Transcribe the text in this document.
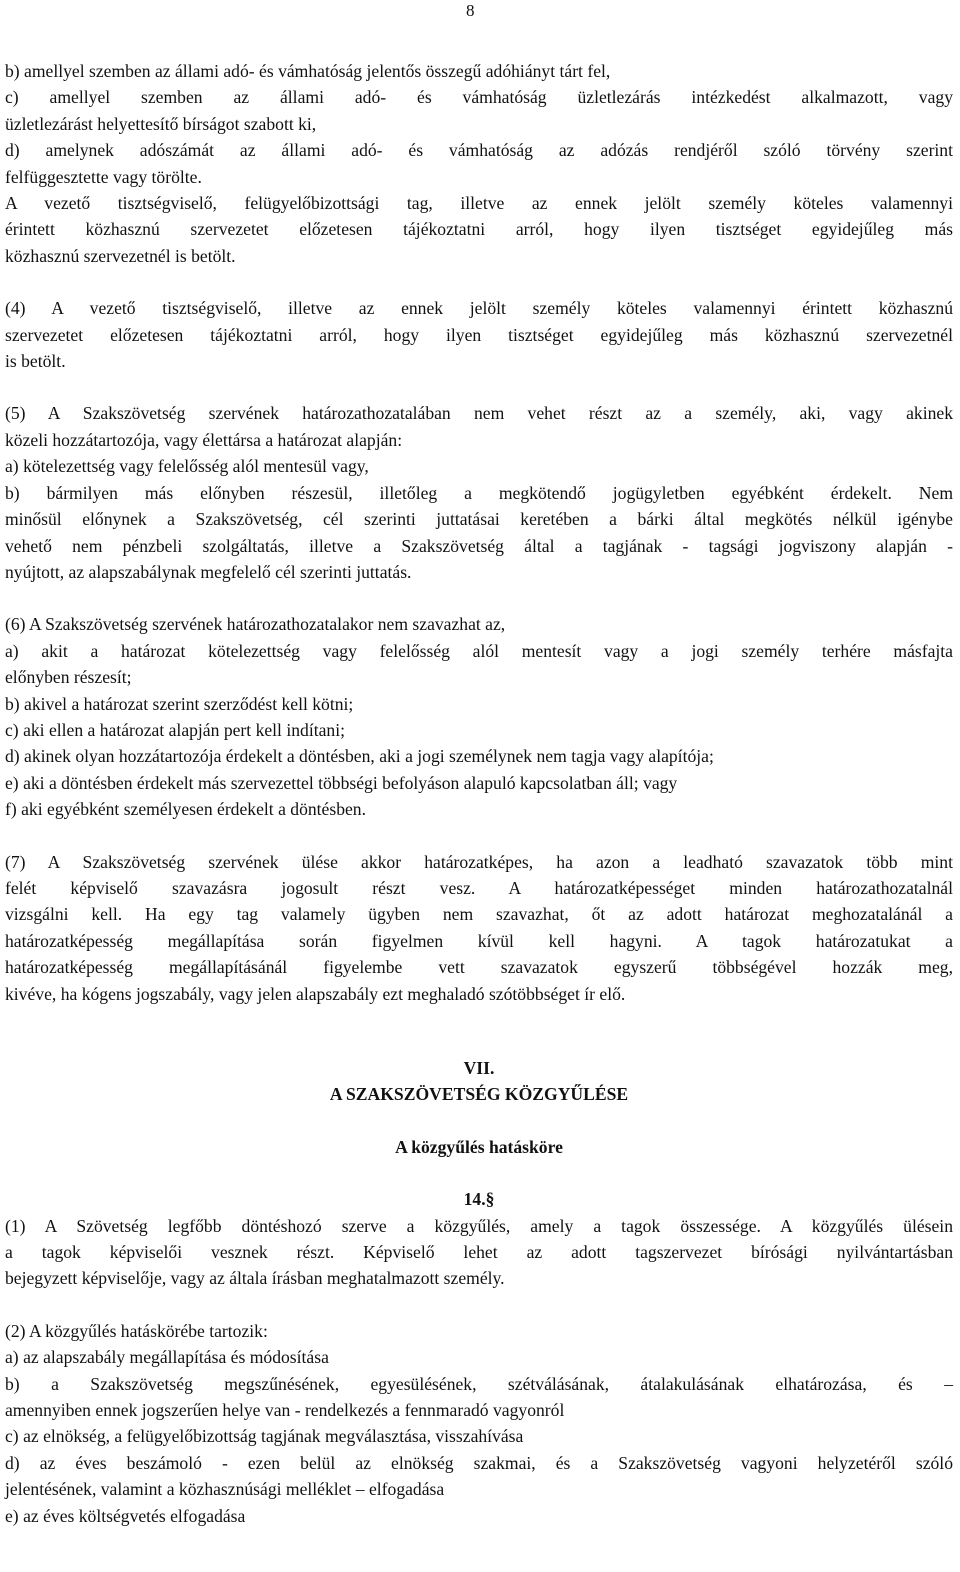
8
b) amellyel szemben az állami adó- és vámhatóság jelentős összegű adóhiányt tárt fel,
c) amellyel szemben az állami adó- és vámhatóság üzletlezárás intézkedést alkalmazott, vagy
üzletlezárást helyettesítő bírságot szabott ki,
d) amelynek adószámát az állami adó- és vámhatóság az adózás rendjéről szóló törvény szerint
felfüggesztette vagy törölte.
A vezető tisztségviselő, felügyelőbizottsági tag, illetve az ennek jelölt személy köteles valamennyi
érintett közhasznú szervezetet előzetesen tájékoztatni arról, hogy ilyen tisztséget egyidejűleg más
közhasznú szervezetnél is betölt.
(4) A vezető tisztségviselő, illetve az ennek jelölt személy köteles valamennyi érintett közhasznú
szervezetet előzetesen tájékoztatni arról, hogy ilyen tisztséget egyidejűleg más közhasznú szervezetnél
is betölt.
(5) A Szakszövetség szervének határozathozatalában nem vehet részt az a személy, aki, vagy akinek
közeli hozzátartozója, vagy élettársa a határozat alapján:
a) kötelezettség vagy felelősség alól mentesül vagy,
b) bármilyen más előnyben részesül, illetőleg a megkötendő jogügyletben egyébként érdekelt. Nem
minősül előnynek a Szakszövetség, cél szerinti juttatásai keretében a bárki által megkötés nélkül igénybe
vehető nem pénzbeli szolgáltatás, illetve a Szakszövetség által a tagjának - tagsági jogviszony alapján -
nyújtott, az alapszabálynak megfelelő cél szerinti juttatás.
(6) A Szakszövetség szervének határozathozatalakor nem szavazhat az,
a) akit a határozat kötelezettség vagy felelősség alól mentesít vagy a jogi személy terhére másfajta
előnyben részesít;
b) akivel a határozat szerint szerződést kell kötni;
c) aki ellen a határozat alapján pert kell indítani;
d) akinek olyan hozzátartozója érdekelt a döntésben, aki a jogi személynek nem tagja vagy alapítója;
e) aki a döntésben érdekelt más szervezettel többségi befolyáson alapuló kapcsolatban áll; vagy
f) aki egyébként személyesen érdekelt a döntésben.
(7) A Szakszövetség szervének ülése akkor határozatképes, ha azon a leadható szavazatok több mint
felét képviselő szavazásra jogosult részt vesz. A határozatképességet minden határozathozatalnál
vizsgálni kell. Ha egy tag valamely ügyben nem szavazhat, őt az adott határozat meghozatalánál a
határozatképesség megállapítása során figyelmen kívül kell hagyni. A tagok határozatukat a
határozatképesség megállapításánál figyelembe vett szavazatok egyszerű többségével hozzák meg,
kivéve, ha kógens jogszabály, vagy jelen alapszabály ezt meghaladó szótöbbséget ír elő.
VII.
A SZAKSZÖVETSÉG KÖZGYŰLÉSE
A közgyűlés hatásköre
14.§
(1) A Szövetség legfőbb döntéshozó szerve a közgyűlés, amely a tagok összessége. A közgyűlés ülésein
a tagok képviselői vesznek részt. Képviselő lehet az adott tagszervezet bírósági nyilvántartásban
bejegyzett képviselője, vagy az általa írásban meghatalmazott személy.
(2) A közgyűlés hatáskörébe tartozik:
a) az alapszabály megállapítása és módosítása
b) a Szakszövetség megszűnésének, egyesülésének, szétválásának, átalakulásának elhatározása, és –
amennyiben ennek jogszerűen helye van - rendelkezés a fennmaradó vagyonról
c) az elnökség, a felügyelőbizottság tagjának megválasztása, visszahívása
d) az éves beszámoló - ezen belül az elnökség szakmai, és a Szakszövetség vagyoni helyzetéről szóló
jelentésének, valamint a közhasznúsági melléklet – elfogadása
e) az éves költségvetés elfogadása
